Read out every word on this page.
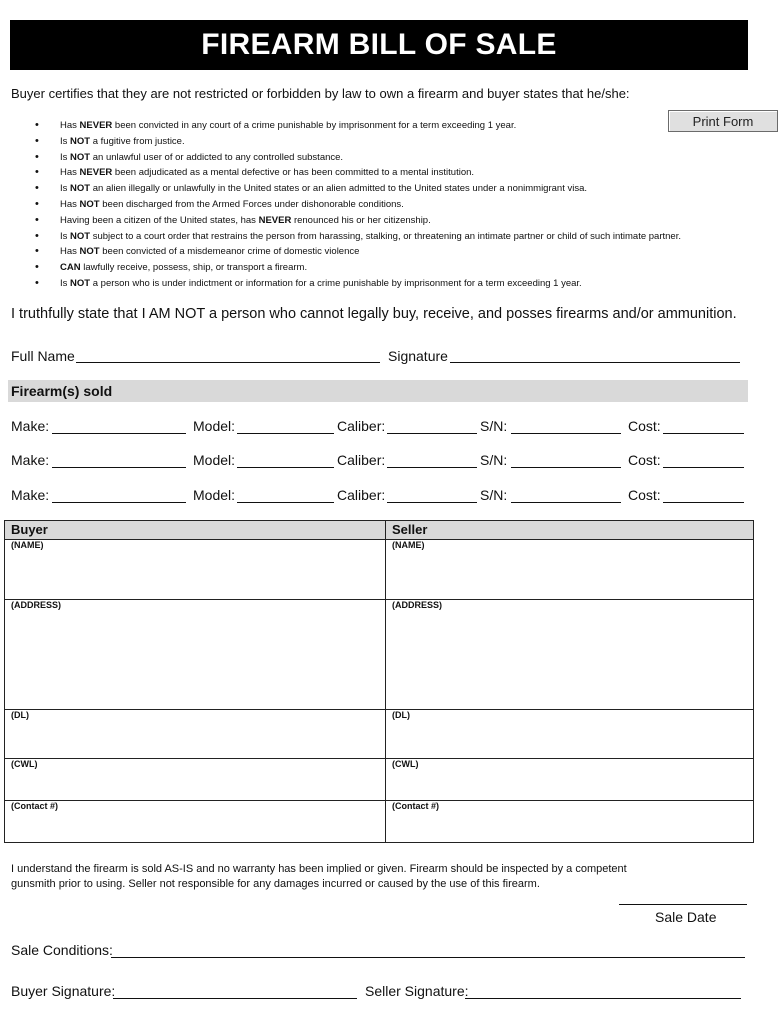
FIREARM BILL OF SALE
Buyer certifies that they are not restricted or forbidden by law to own a firearm and buyer states that he/she:
Print Form
• Has NEVER been convicted in any court of a crime punishable by imprisonment for a term exceeding 1 year.
• Is NOT a fugitive from justice.
• Is NOT an unlawful user of or addicted to any controlled substance.
• Has NEVER been adjudicated as a mental defective or has been committed to a mental institution.
• Is NOT an alien illegally or unlawfully in the United states or an alien admitted to the United states under a nonimmigrant visa.
• Has NOT been discharged from the Armed Forces under dishonorable conditions.
• Having been a citizen of the United states, has NEVER renounced his or her citizenship.
• Is NOT subject to a court order that restrains the person from harassing, stalking, or threatening an intimate partner or child of such intimate partner.
• Has NOT been convicted of a misdemeanor crime of domestic violence
• CAN lawfully receive, possess, ship, or transport a firearm.
• Is NOT a person who is under indictment or information for a crime punishable by imprisonment for a term exceeding 1 year.
I truthfully state that I AM NOT a person who cannot legally buy, receive, and posses firearms and/or ammunition.
Full Name	Signature
Firearm(s) sold
Make:	Model:	Caliber:	S/N:	Cost:
Make:	Model:	Caliber:	S/N:	Cost:
Make:	Model:	Caliber:	S/N:	Cost:
Buyer	Seller
(NAME)	(NAME)
(ADDRESS)	(ADDRESS)
(DL)	(DL)
(CWL)	(CWL)
(Contact #)	(Contact #)
I understand the firearm is sold AS-IS and no warranty has been implied or given. Firearm should be inspected by a competent gunsmith prior to using. Seller not responsible for any damages incurred or caused by the use of this firearm.
Sale Date
Sale Conditions:
Buyer Signature:	Seller Signature:
